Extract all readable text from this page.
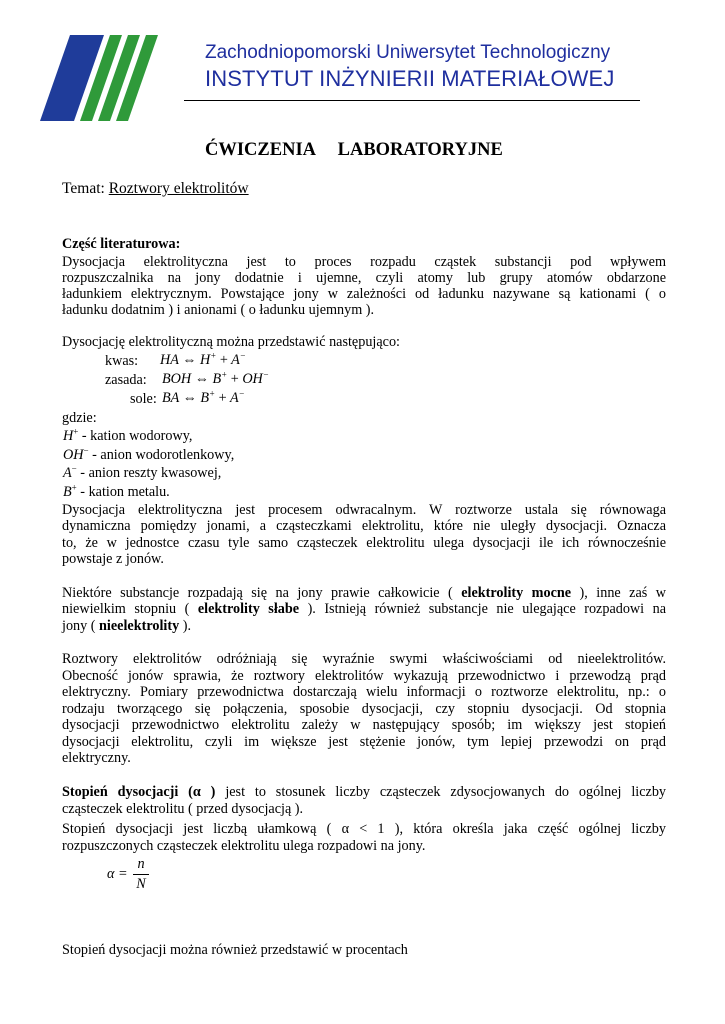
Zachodniopomorski Uniwersytet Technologiczny
INSTYTUT INŻYNIERII MATERIAŁOWEJ
ĆWICZENIA LABORATORYJNE
Temat: Roztwory elektrolitów
Część literaturowa:
Dysocjacja elektrolityczna jest to proces rozpadu cząstek substancji pod wpływem
rozpuszczalnika na jony dodatnie i ujemne, czyli atomy lub grupy atomów obdarzone
ładunkiem elektrycznym. Powstające jony w zależności od ładunku nazywane są kationami ( o
ładunku dodatnim ) i anionami ( o ładunku ujemnym ).
Dysocjację elektrolityczną można przedstawić następująco:
kwas: HA ⇔ H+ + A−
zasada: BOH ⇔ B+ + OH−
sole: BA ⇔ B+ + A−
gdzie:
H+ - kation wodorowy,
OH− - anion wodorotlenkowy,
A− - anion reszty kwasowej,
B+ - kation metalu.
Dysocjacja elektrolityczna jest procesem odwracalnym. W roztworze ustala się równowaga
dynamiczna pomiędzy jonami, a cząsteczkami elektrolitu, które nie uległy dysocjacji. Oznacza
to, że w jednostce czasu tyle samo cząsteczek elektrolitu ulega dysocjacji ile ich równocześnie
powstaje z jonów.
Niektóre substancje rozpadają się na jony prawie całkowicie ( elektrolity mocne ), inne zaś w
niewielkim stopniu ( elektrolity słabe ). Istnieją również substancje nie ulegające rozpadowi na
jony ( nieelektrolity ).
Roztwory elektrolitów odróżniają się wyraźnie swymi właściwościami od nieelektrolitów.
Obecność jonów sprawia, że roztwory elektrolitów wykazują przewodnictwo i przewodzą prąd
elektryczny. Pomiary przewodnictwa dostarczają wielu informacji o roztworze elektrolitu, np.: o
rodzaju tworzącego się połączenia, sposobie dysocjacji, czy stopniu dysocjacji. Od stopnia
dysocjacji przewodnictwo elektrolitu zależy w następujący sposób; im większy jest stopień
dysocjacji elektrolitu, czyli im większe jest stężenie jonów, tym lepiej przewodzi on prąd
elektryczny.
Stopień dysocjacji (α ) jest to stosunek liczby cząsteczek zdysocjowanych do ogólnej liczby
cząsteczek elektrolitu ( przed dysocjacją ).
Stopień dysocjacji jest liczbą ułamkową ( α < 1 ), która określa jaka część ogólnej liczby
rozpuszczonych cząsteczek elektrolitu ulega rozpadowi na jony.
α =
n
N
Stopień dysocjacji można również przedstawić w procentach
